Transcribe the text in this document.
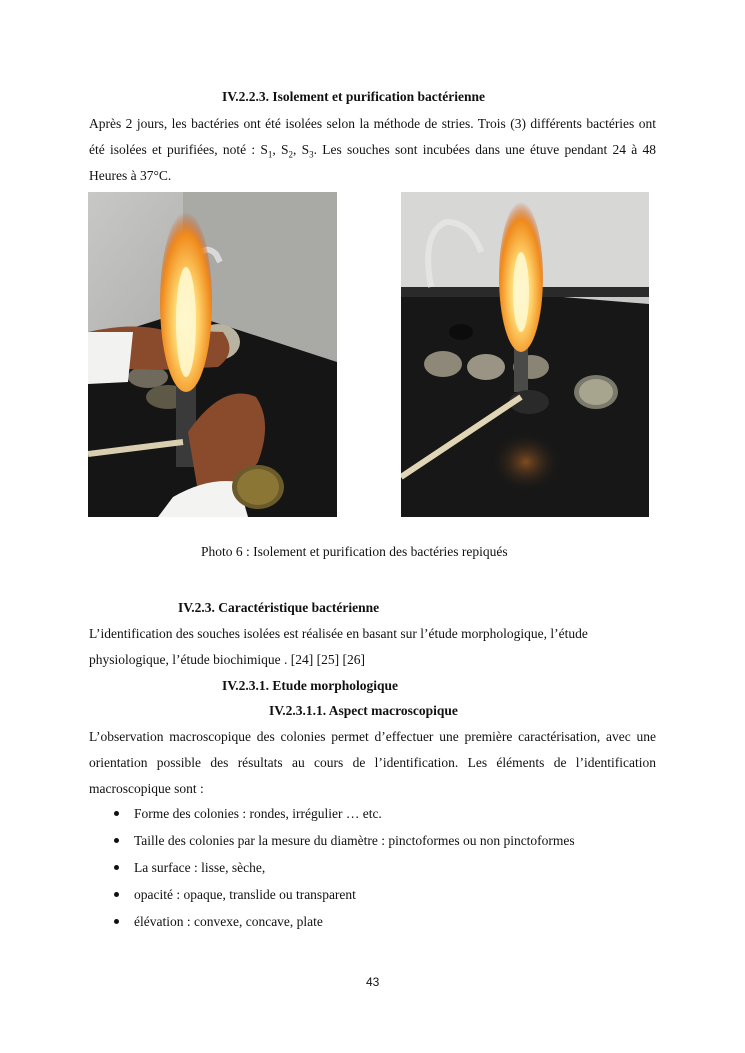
IV.2.2.3. Isolement et purification bactérienne
Après 2 jours, les bactéries ont été isolées selon la méthode de stries. Trois (3) différents bactéries ont été isolées et purifiées, noté : $S_1$, $S_2$, $S_3$. Les souches sont incubées dans une étuve pendant 24 à 48 Heures à 37°C.
Photo 6 : Isolement et purification des bactéries repiqués
IV.2.3. Caractéristique bactérienne
L’identification des souches isolées est réalisée en basant sur l’étude morphologique, l’étude physiologique, l’étude biochimique . [24] [25] [26]
IV.2.3.1. Etude morphologique
IV.2.3.1.1. Aspect macroscopique
L’observation macroscopique des colonies permet d’effectuer une première caractérisation, avec une orientation possible des résultats au cours de l’identification. Les éléments de l’identification macroscopique sont :
Forme des colonies : rondes, irrégulier … etc.
Taille des colonies par la mesure du diamètre : pinctoformes ou non pinctoformes
La surface : lisse, sèche,
opacité : opaque, translide ou transparent
élévation : convexe, concave, plate
43
